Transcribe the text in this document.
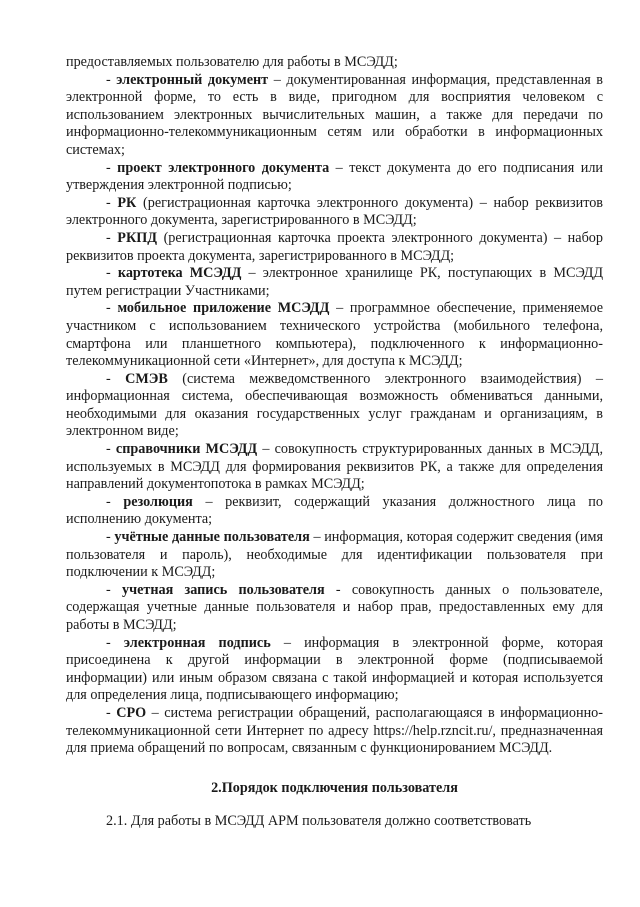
предоставляемых пользователю для работы в МСЭДД;

- электронный документ – документированная информация, представленная в электронной форме, то есть в виде, пригодном для восприятия человеком с использованием электронных вычислительных машин, а также для передачи по информационно-телекоммуникационным сетям или обработки в информационных системах;

- проект электронного документа – текст документа до его подписания или утверждения электронной подписью;

- РК (регистрационная карточка электронного документа) – набор реквизитов электронного документа, зарегистрированного в МСЭДД;

- РКПД (регистрационная карточка проекта электронного документа) – набор реквизитов проекта документа, зарегистрированного в МСЭДД;

- картотека МСЭДД – электронное хранилище РК, поступающих в МСЭДД путем регистрации Участниками;

- мобильное приложение МСЭДД – программное обеспечение, применяемое участником с использованием технического устройства (мобильного телефона, смартфона или планшетного компьютера), подключенного к информационно-телекоммуникационной сети «Интернет», для доступа к МСЭДД;

- СМЭВ (система межведомственного электронного взаимодействия) – информационная система, обеспечивающая возможность обмениваться данными, необходимыми для оказания государственных услуг гражданам и организациям, в электронном виде;

- справочники МСЭДД – совокупность структурированных данных в МСЭДД, используемых в МСЭДД для формирования реквизитов РК, а также для определения направлений документопотока в рамках МСЭДД;

- резолюция – реквизит, содержащий указания должностного лица по исполнению документа;

- учётные данные пользователя – информация, которая содержит сведения (имя пользователя и пароль), необходимые для идентификации пользователя при подключении к МСЭДД;

- учетная запись пользователя - совокупность данных о пользователе, содержащая учетные данные пользователя и набор прав, предоставленных ему для работы в МСЭДД;

- электронная подпись – информация в электронной форме, которая присоединена к другой информации в электронной форме (подписываемой информации) или иным образом связана с такой информацией и которая используется для определения лица, подписывающего информацию;

- СРО – система регистрации обращений, располагающаяся в информационно-телекоммуникационной сети Интернет по адресу https://help.rzncit.ru/, предназначенная для приема обращений по вопросам, связанным с функционированием МСЭДД.

2.Порядок подключения пользователя

2.1. Для работы в МСЭДД АРМ пользователя должно соответствовать
